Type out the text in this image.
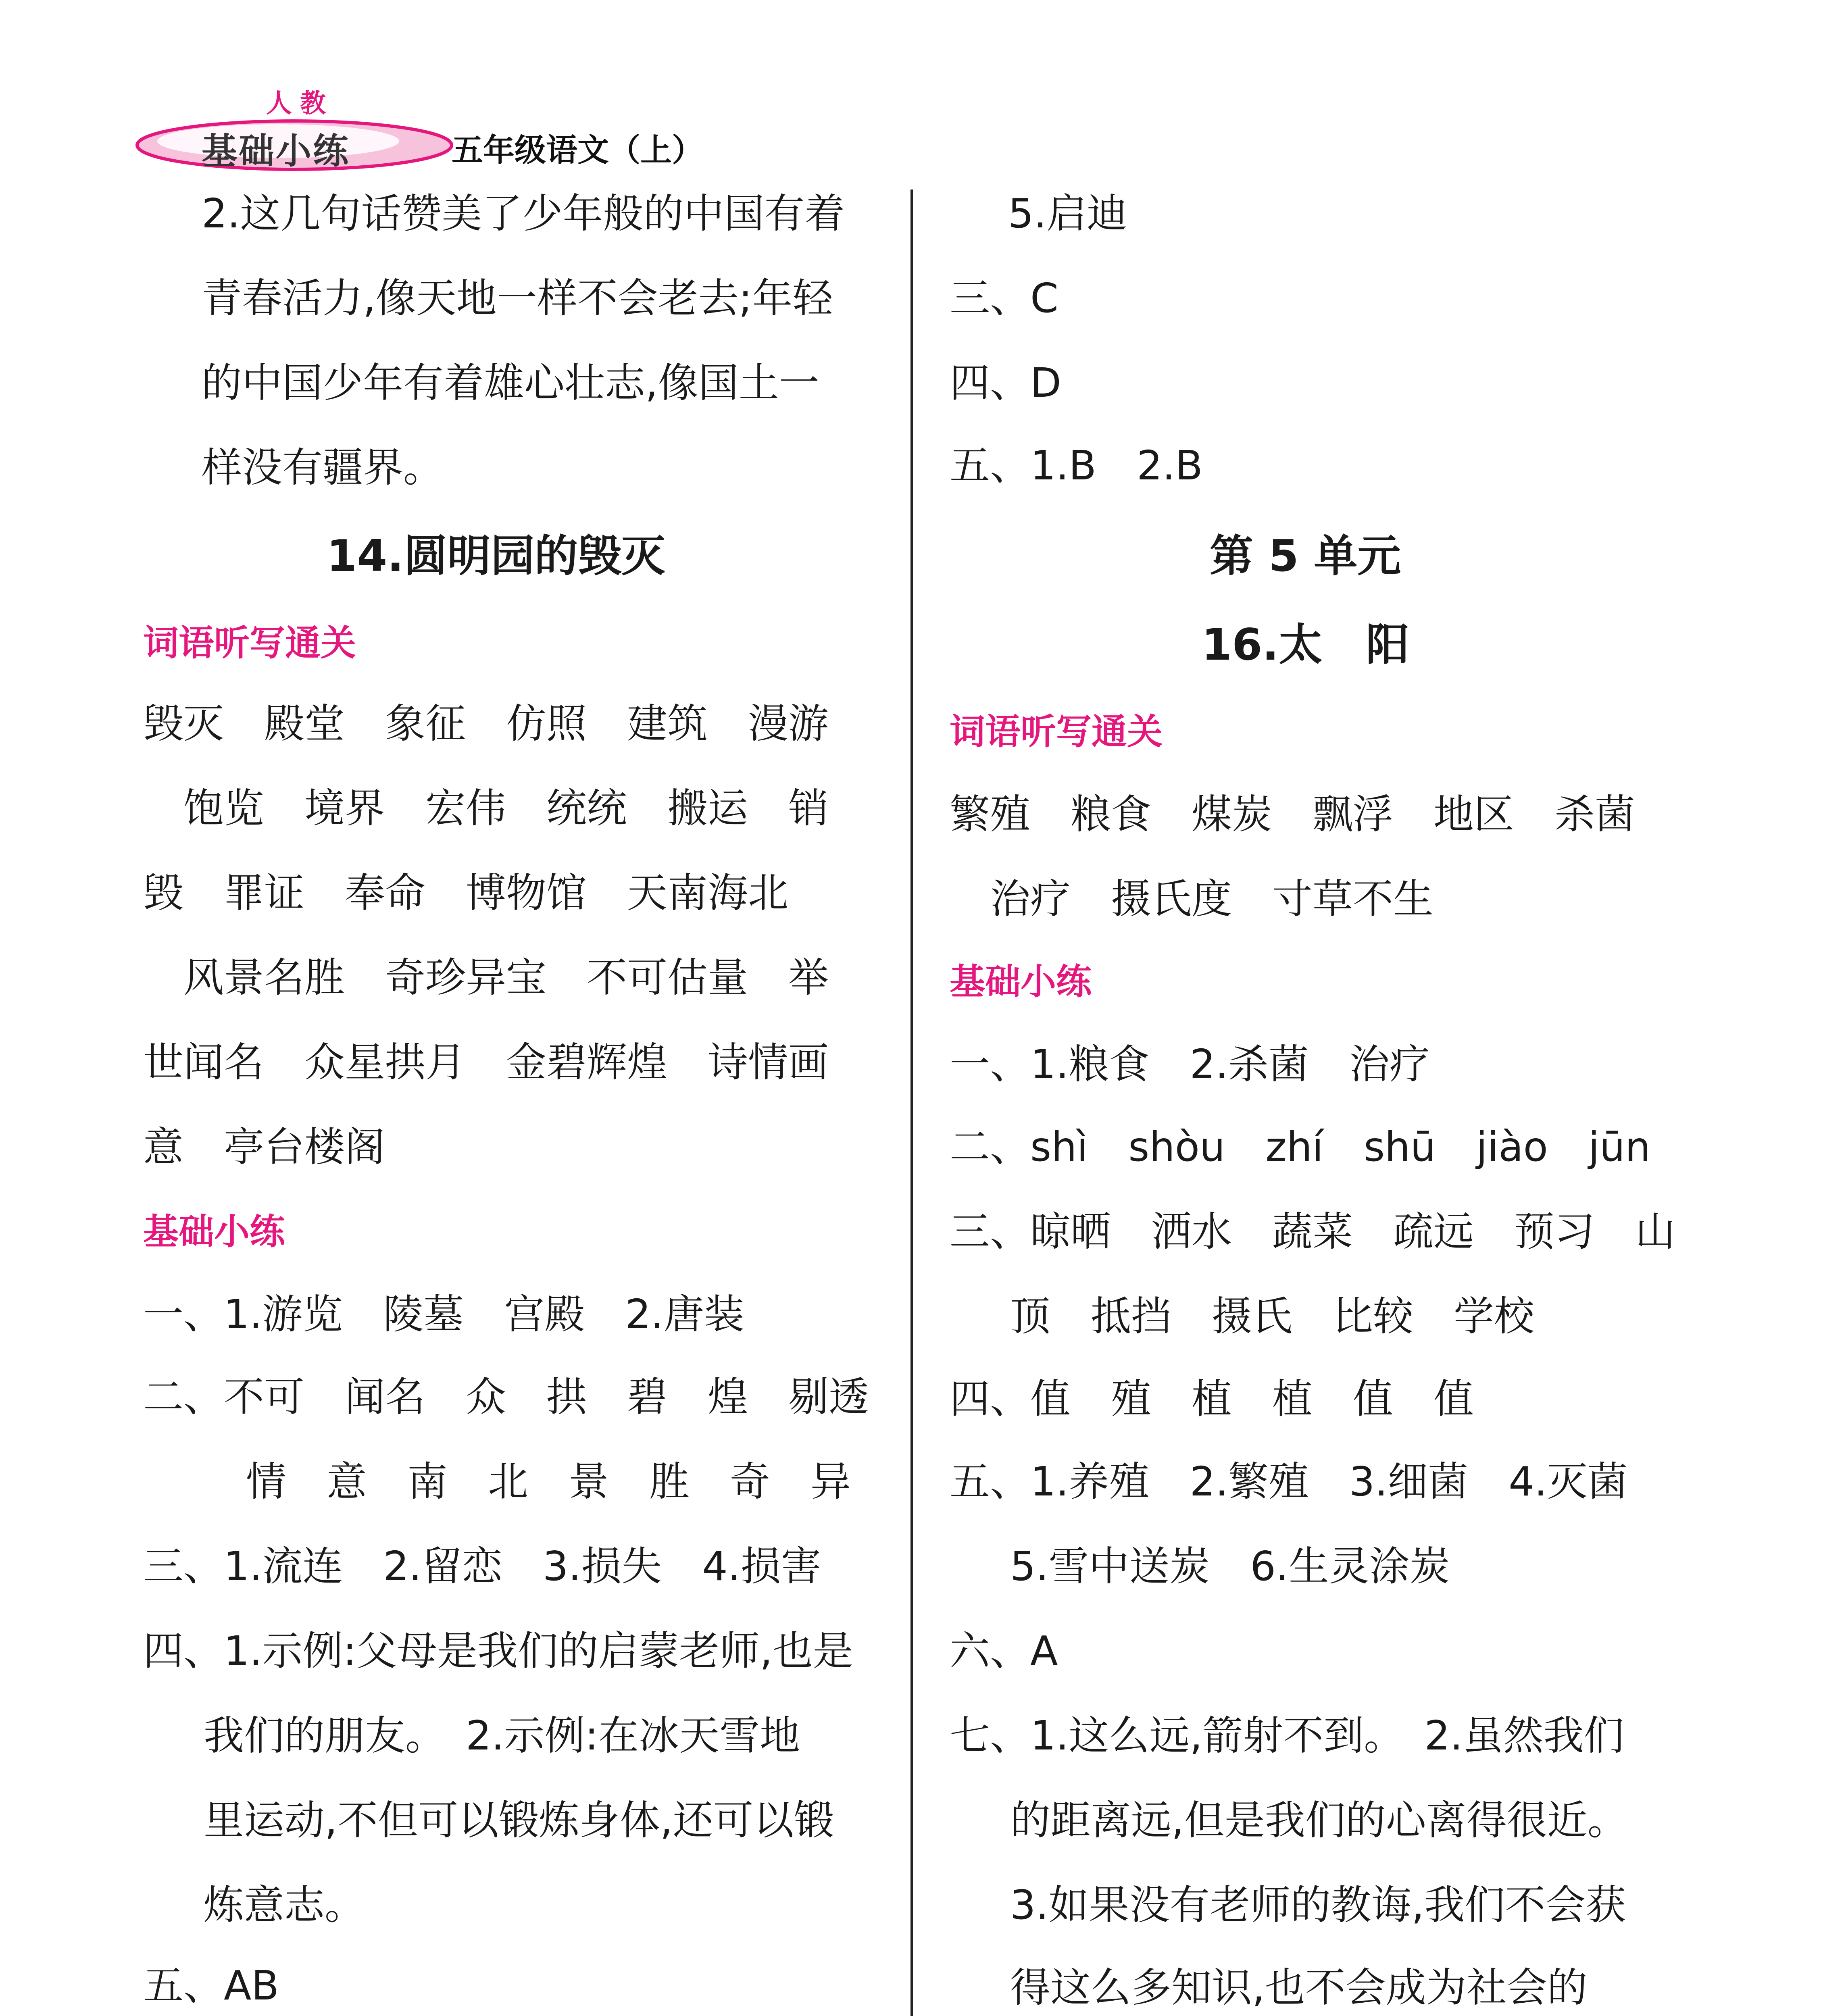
人教
基础小练	五年级语文（上）
2.这几句话赞美了少年般的中国有着
青春活力,像天地一样不会老去;年轻
的中国少年有着雄心壮志,像国土一
样没有疆界。
14.圆明园的毁灭
词语听写通关
毁灭　殿堂　象征　仿照　建筑　漫游
饱览　境界　宏伟　统统　搬运　销
毁　罪证　奉命　博物馆　天南海北
风景名胜　奇珍异宝　不可估量　举
世闻名　众星拱月　金碧辉煌　诗情画
意　亭台楼阁
基础小练
一、1.游览　陵墓　宫殿　2.唐装
二、不可　闻名　众　拱　碧　煌　剔透
情　意　南　北　景　胜　奇　异
三、1.流连　2.留恋　3.损失　4.损害
四、1.示例:父母是我们的启蒙老师,也是
我们的朋友。　2.示例:在冰天雪地
里运动,不但可以锻炼身体,还可以锻
炼意志。
五、AB
5.启迪
三、C
四、D
五、1.B　2.B
第 5 单元
16.太　阳
词语听写通关
繁殖　粮食　煤炭　飘浮　地区　杀菌
治疗　摄氏度　寸草不生
基础小练
一、1.粮食　2.杀菌　治疗
二、shì　shòu　zhí　shū　jiào　jūn
三、晾晒　洒水　蔬菜　疏远　预习　山
顶　抵挡　摄氏　比较　学校
四、值　殖　植　植　值　值
五、1.养殖　2.繁殖　3.细菌　4.灭菌
5.雪中送炭　6.生灵涂炭
六、A
七、1.这么远,箭射不到。　2.虽然我们
的距离远,但是我们的心离得很近。
3.如果没有老师的教诲,我们不会获
得这么多知识,也不会成为社会的
